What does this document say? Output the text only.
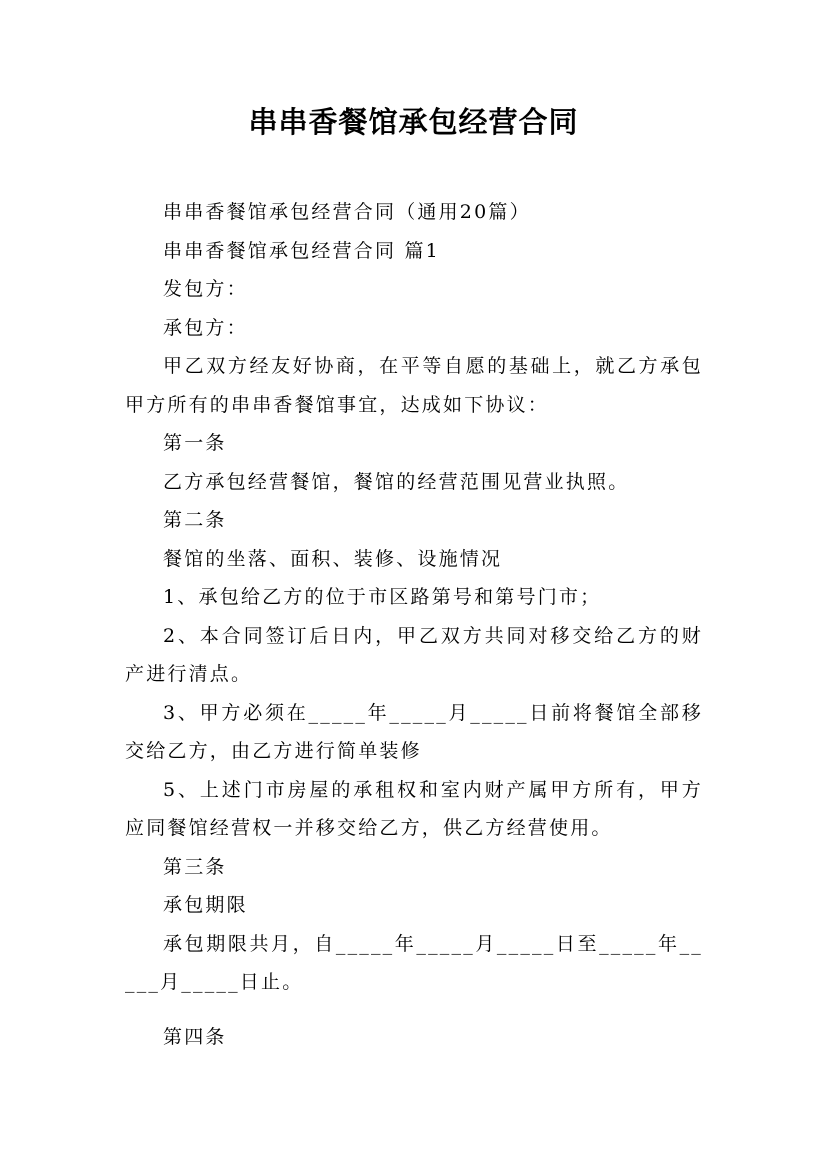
串串香餐馆承包经营合同

串串香餐馆承包经营合同（通用20篇）

串串香餐馆承包经营合同 篇1

发包方：

承包方：

甲乙双方经友好协商，在平等自愿的基础上，就乙方承包甲方所有的串串香餐馆事宜，达成如下协议：

第一条

乙方承包经营餐馆，餐馆的经营范围见营业执照。

第二条

餐馆的坐落、面积、装修、设施情况

1、承包给乙方的位于市区路第号和第号门市；

2、本合同签订后日内，甲乙双方共同对移交给乙方的财产进行清点。

3、甲方必须在_____年_____月_____日前将餐馆全部移交给乙方，由乙方进行简单装修

5、上述门市房屋的承租权和室内财产属甲方所有，甲方应同餐馆经营权一并移交给乙方，供乙方经营使用。

第三条

承包期限

承包期限共月，自_____年_____月_____日至_____年_____月_____日止。

第四条
